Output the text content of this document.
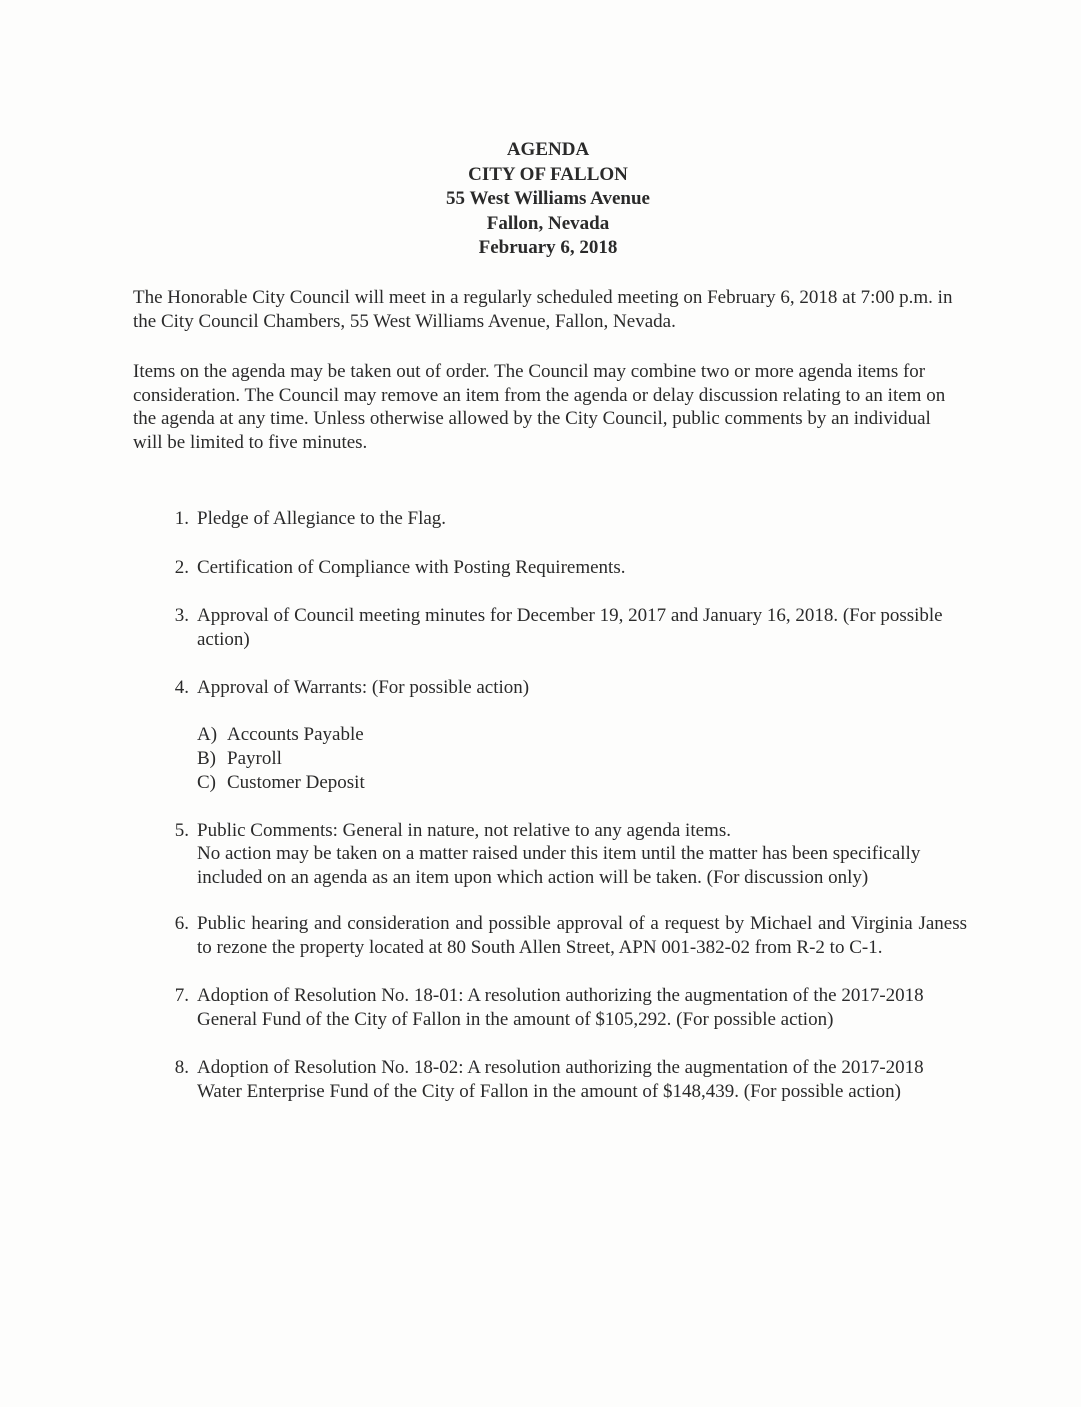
AGENDA
CITY OF FALLON
55 West Williams Avenue
Fallon, Nevada
February 6, 2018
The Honorable City Council will meet in a regularly scheduled meeting on February 6, 2018 at 7:00 p.m. in the City Council Chambers, 55 West Williams Avenue, Fallon, Nevada.
Items on the agenda may be taken out of order. The Council may combine two or more agenda items for consideration. The Council may remove an item from the agenda or delay discussion relating to an item on the agenda at any time. Unless otherwise allowed by the City Council, public comments by an individual will be limited to five minutes.
1. Pledge of Allegiance to the Flag.
2. Certification of Compliance with Posting Requirements.
3. Approval of Council meeting minutes for December 19, 2017 and January 16, 2018. (For possible action)
4. Approval of Warrants: (For possible action)
A) Accounts Payable
B) Payroll
C) Customer Deposit
5. Public Comments: General in nature, not relative to any agenda items.
No action may be taken on a matter raised under this item until the matter has been specifically included on an agenda as an item upon which action will be taken. (For discussion only)
6. Public hearing and consideration and possible approval of a request by Michael and Virginia Janess to rezone the property located at 80 South Allen Street, APN 001-382-02 from R-2 to C-1.
7. Adoption of Resolution No. 18-01: A resolution authorizing the augmentation of the 2017-2018 General Fund of the City of Fallon in the amount of $105,292. (For possible action)
8. Adoption of Resolution No. 18-02: A resolution authorizing the augmentation of the 2017-2018 Water Enterprise Fund of the City of Fallon in the amount of $148,439. (For possible action)
